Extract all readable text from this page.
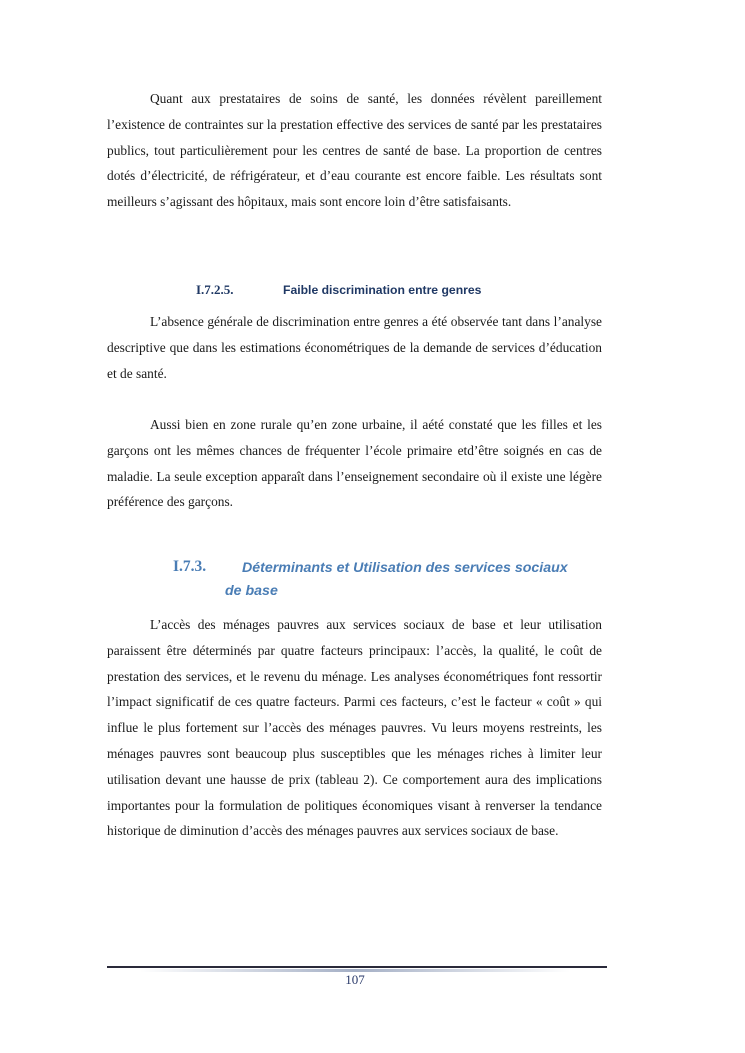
Quant aux prestataires de soins de santé, les données révèlent pareillement l’existence de contraintes sur la prestation effective des services de santé par les prestataires publics, tout particulièrement pour les centres de santé de base. La proportion de centres dotés d’électricité, de réfrigérateur, et d’eau courante est encore faible. Les résultats sont meilleurs s’agissant des hôpitaux, mais sont encore loin d’être satisfaisants.

I.7.2.5.	Faible discrimination entre genres

L’absence générale de discrimination entre genres a été observée tant dans l’analyse descriptive que dans les estimations économétriques de la demande de services d’éducation et de santé.

Aussi bien en zone rurale qu’en zone urbaine, il aété constaté que les filles et les garçons ont les mêmes chances de fréquenter l’école primaire etd’être soignés en cas de maladie. La seule exception apparaît dans l’enseignement secondaire où il existe une légère préférence des garçons.

I.7.3.	Déterminants et Utilisation des services sociaux
de base

L’accès des ménages pauvres aux services sociaux de base et leur utilisation paraissent être déterminés par quatre facteurs principaux: l’accès, la qualité, le coût de prestation des services, et le revenu du ménage. Les analyses économétriques font ressortir l’impact significatif de ces quatre facteurs. Parmi ces facteurs, c’est le facteur « coût » qui influe le plus fortement sur l’accès des ménages pauvres. Vu leurs moyens restreints, les ménages pauvres sont beaucoup plus susceptibles que les ménages riches à limiter leur utilisation devant une hausse de prix (tableau 2). Ce comportement aura des implications importantes pour la formulation de politiques économiques visant à renverser la tendance historique de diminution d’accès des ménages pauvres aux services sociaux de base.

107
